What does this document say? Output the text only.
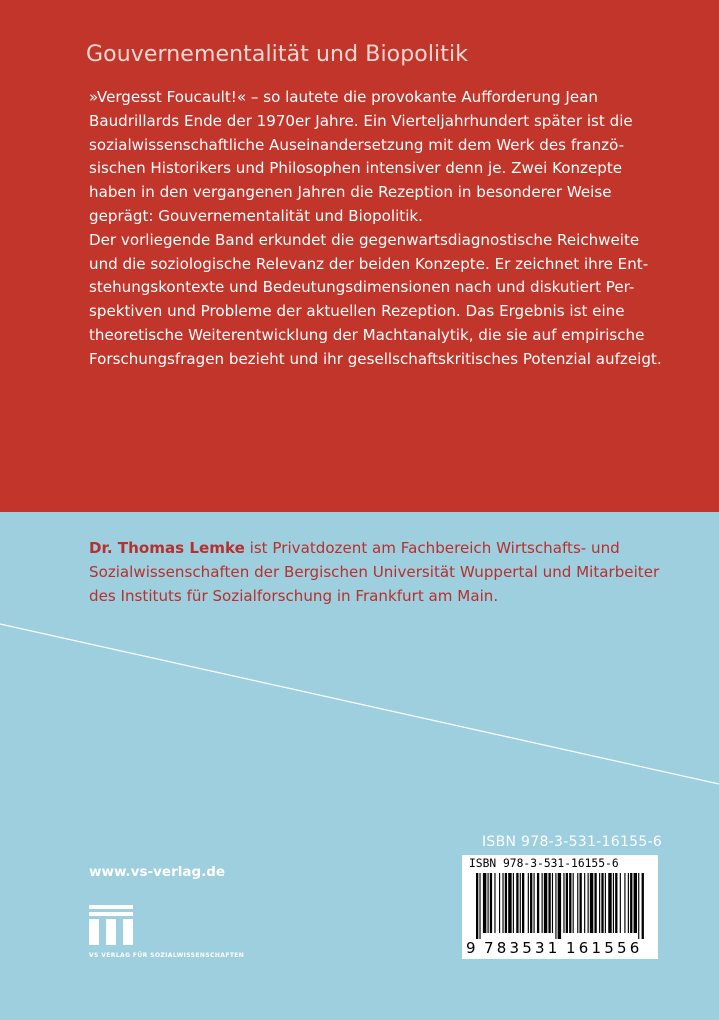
Gouvernementalität und Biopolitik
»Vergesst Foucault!« – so lautete die provokante Aufforderung Jean
Baudrillards Ende der 1970er Jahre. Ein Vierteljahrhundert später ist die
sozialwissenschaftliche Auseinandersetzung mit dem Werk des franzö-
sischen Historikers und Philosophen intensiver denn je. Zwei Konzepte
haben in den vergangenen Jahren die Rezeption in besonderer Weise
geprägt: Gouvernementalität und Biopolitik.
Der vorliegende Band erkundet die gegenwartsdiagnostische Reichweite
und die soziologische Relevanz der beiden Konzepte. Er zeichnet ihre Ent-
stehungskontexte und Bedeutungsdimensionen nach und diskutiert Per-
spektiven und Probleme der aktuellen Rezeption. Das Ergebnis ist eine
theoretische Weiterentwicklung der Machtanalytik, die sie auf empirische
Forschungsfragen bezieht und ihr gesellschaftskritisches Potenzial aufzeigt.
Dr. Thomas Lemke ist Privatdozent am Fachbereich Wirtschafts- und
Sozialwissenschaften der Bergischen Universität Wuppertal und Mitarbeiter
des Instituts für Sozialforschung in Frankfurt am Main.
www.vs-verlag.de
VS VERLAG FÜR SOZIALWISSENSCHAFTEN
ISBN 978-3-531-16155-6
ISBN 978-3-531-16155-6
9 783531 161556
